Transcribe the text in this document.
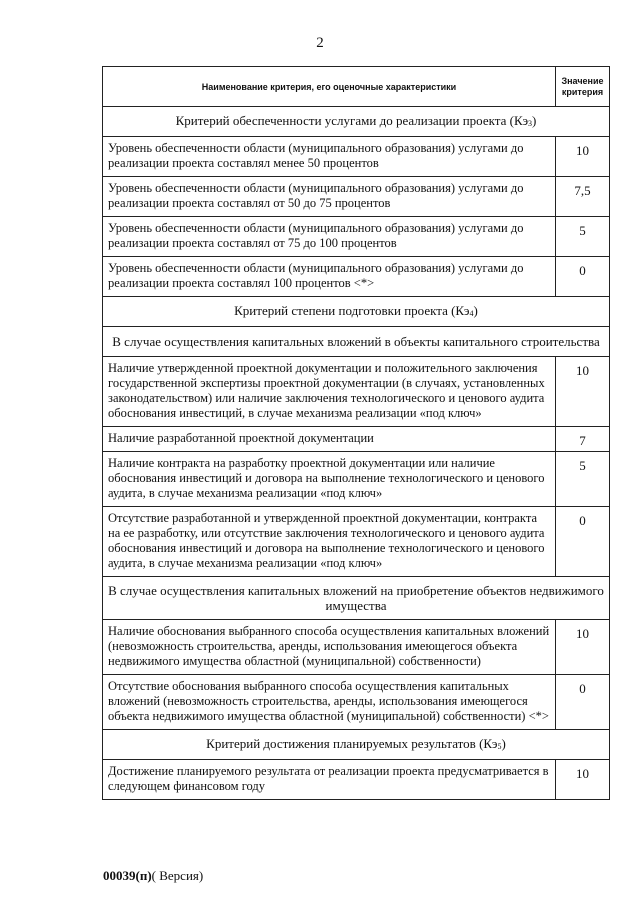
2
Наименование критерия, его оценочные характеристики	Значение критерия
Критерий обеспеченности услугами до реализации проекта (Кэ3)	
Уровень обеспеченности области (муниципального образования) услугами до реализации проекта составлял менее 50 процентов	10
Уровень обеспеченности области (муниципального образования) услугами до реализации проекта составлял от 50 до 75 процентов	7,5
Уровень обеспеченности области (муниципального образования) услугами до реализации проекта составлял от 75 до 100 процентов	5
Уровень обеспеченности области (муниципального образования) услугами до реализации проекта составлял 100 процентов <*>	0
Критерий степени подготовки проекта (Кэ4)	
В случае осуществления капитальных вложений в объекты капитального строительства	
Наличие утвержденной проектной документации и положительного заключения государственной экспертизы проектной документации (в случаях, установленных законодательством) или наличие заключения технологического и ценового аудита обоснования инвестиций, в случае механизма реализации «под ключ»	10
Наличие разработанной проектной документации	7
Наличие контракта на разработку проектной документации или наличие обоснования инвестиций и договора на выполнение технологического и ценового аудита, в случае механизма реализации «под ключ»	5
Отсутствие разработанной и утвержденной проектной документации, контракта на ее разработку, или отсутствие заключения технологического и ценового аудита обоснования инвестиций и договора на выполнение технологического и ценового аудита, в случае механизма реализации «под ключ»	0
В случае осуществления капитальных вложений на приобретение объектов недвижимого имущества	
Наличие обоснования выбранного способа осуществления капитальных вложений (невозможность строительства, аренды, использования имеющегося объекта недвижимого имущества областной (муниципальной) собственности)	10
Отсутствие обоснования выбранного способа осуществления капитальных вложений (невозможность строительства, аренды, использования имеющегося объекта недвижимого имущества областной (муниципальной) собственности) <*>	0
Критерий достижения планируемых результатов (Кэ5)	
Достижение планируемого результата от реализации проекта предусматривается в следующем финансовом году	10
00039(п)( Версия)
